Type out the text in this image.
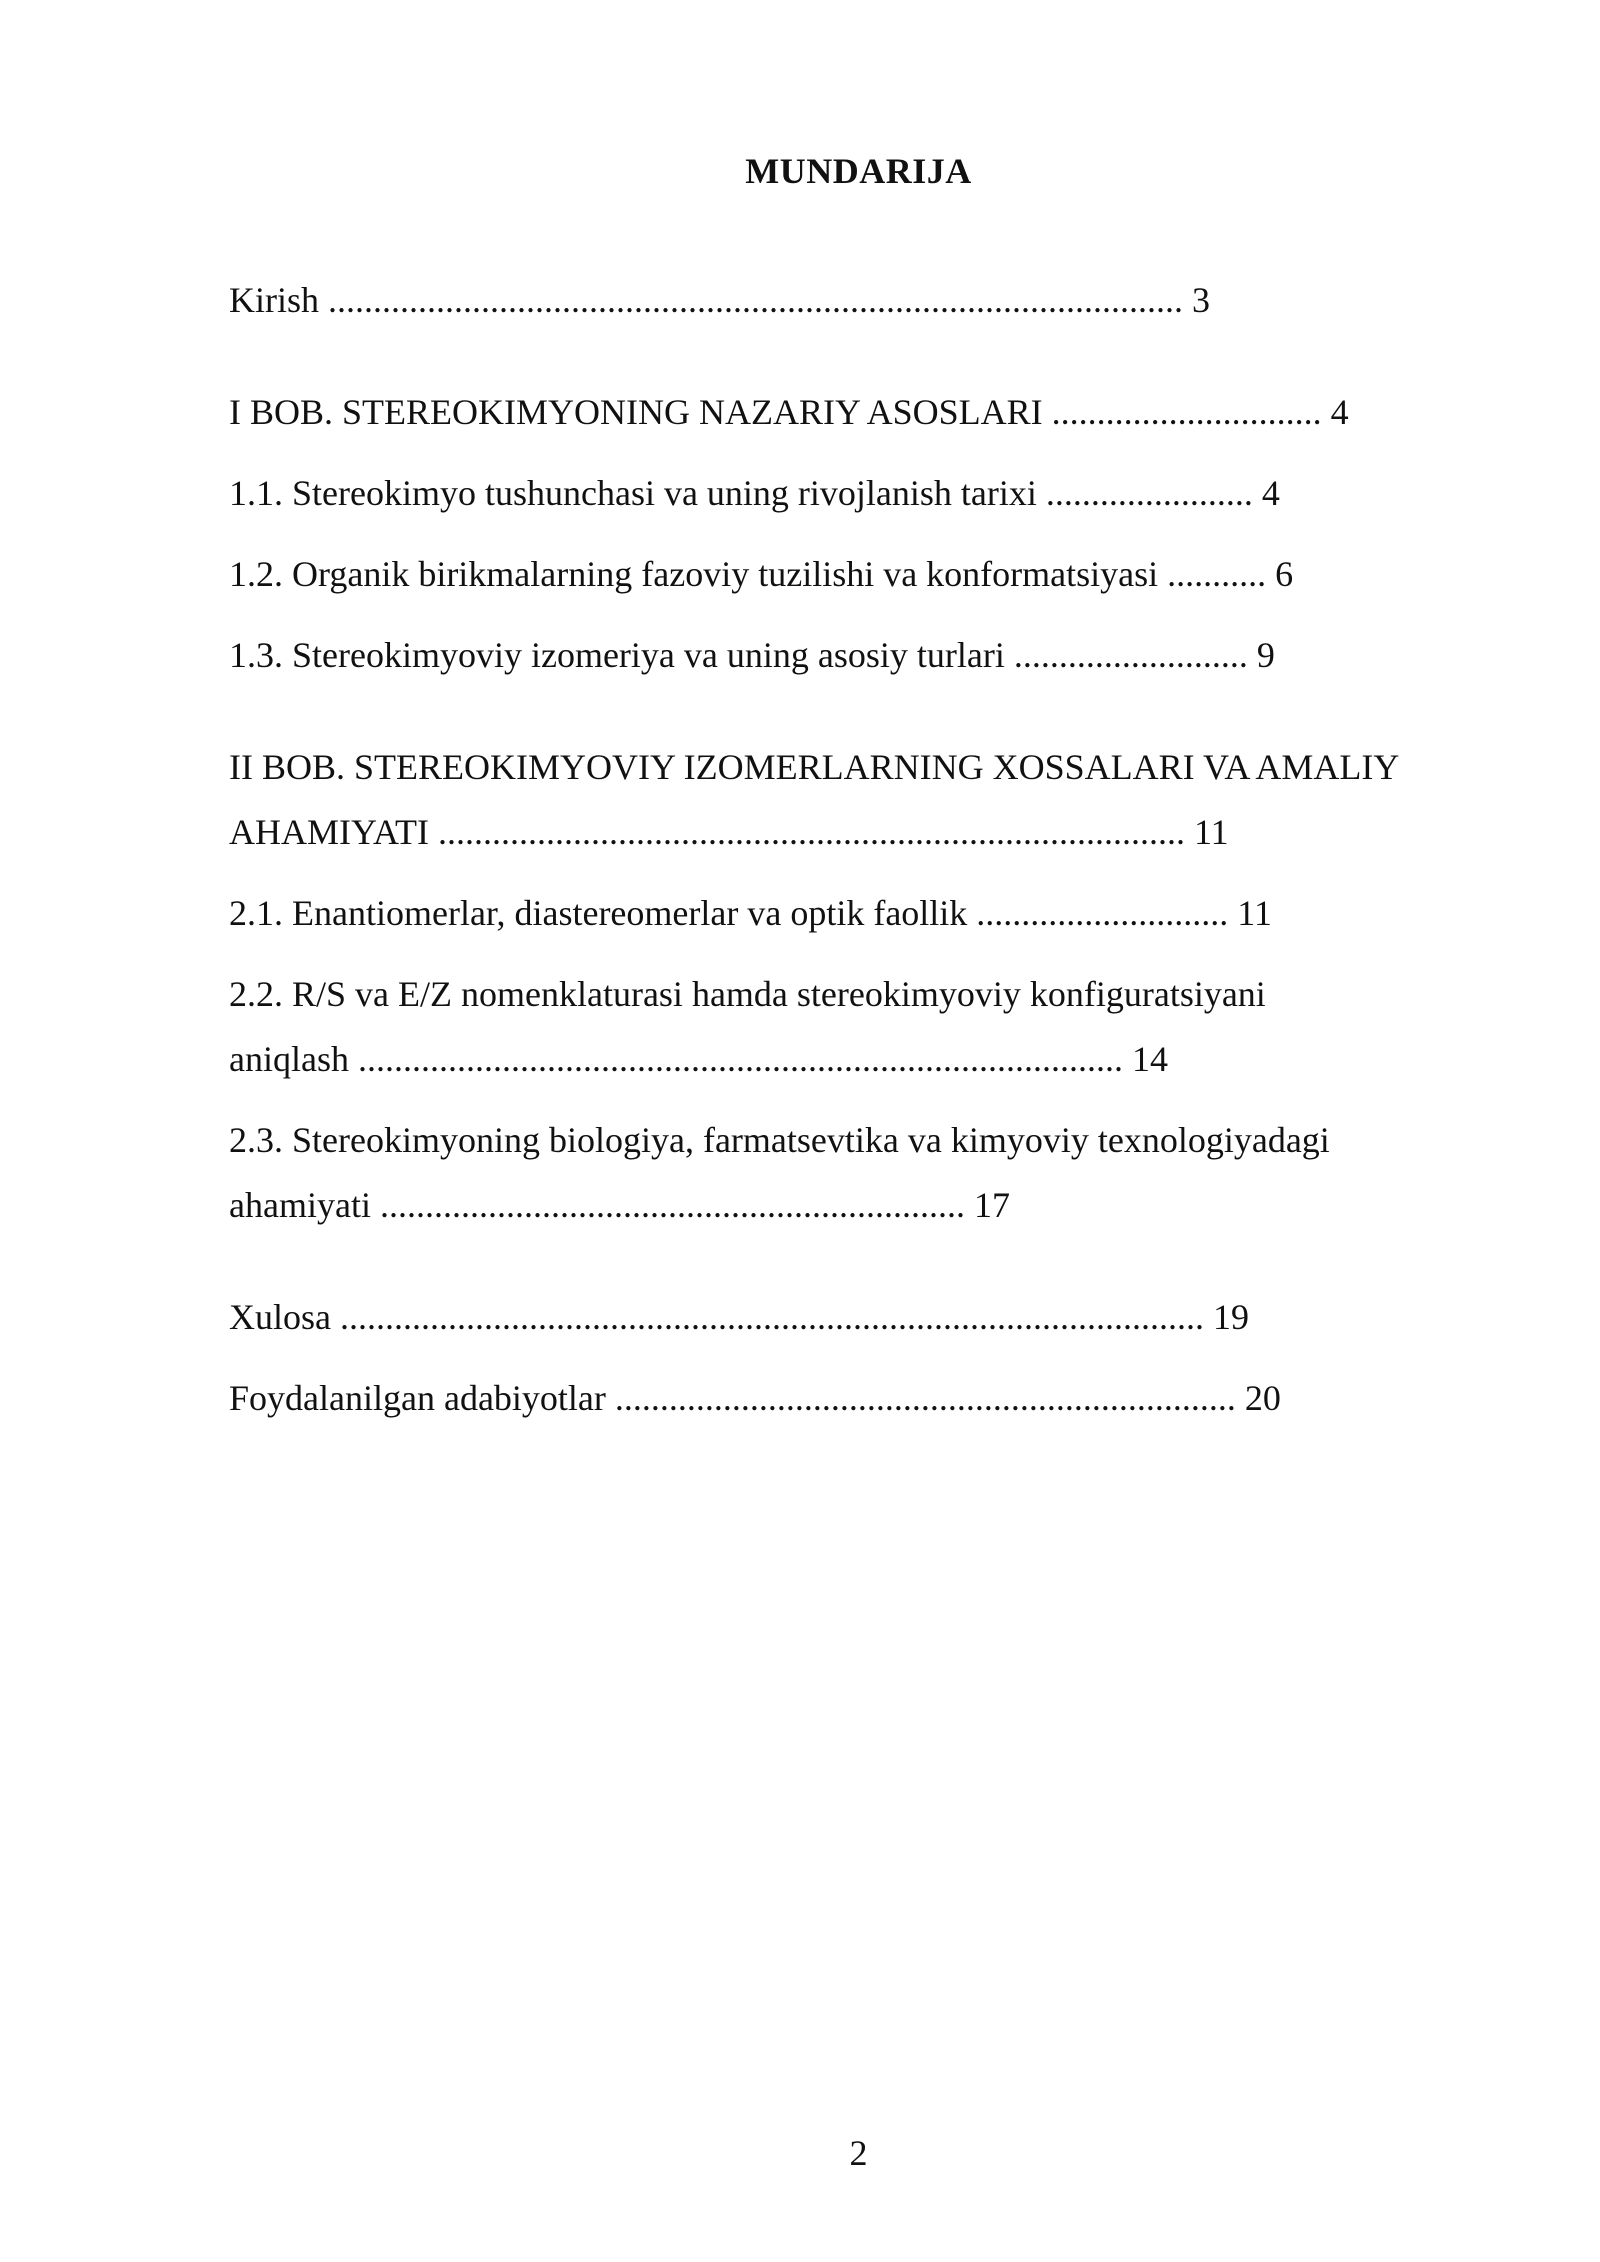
MUNDARIJA
Kirish ............................................................................................... 3
I BOB. STEREOKIMYONING NAZARIY ASOSLARI .............................. 4
1.1. Stereokimyo tushunchasi va uning rivojlanish tarixi ....................... 4
1.2. Organik birikmalarning fazoviy tuzilishi va konformatsiyasi ........... 6
1.3. Stereokimyoviy izomeriya va uning asosiy turlari .......................... 9
II BOB. STEREOKIMYOVIY IZOMERLARNING XOSSALARI VA AMALIY
AHAMIYATI ................................................................................... 11
2.1. Enantiomerlar, diastereomerlar va optik faollik ............................ 11
2.2. R/S va E/Z nomenklaturasi hamda stereokimyoviy konfiguratsiyani
aniqlash ..................................................................................... 14
2.3. Stereokimyoning biologiya, farmatsevtika va kimyoviy texnologiyadagi
ahamiyati ................................................................. 17
Xulosa ................................................................................................ 19
Foydalanilgan adabiyotlar ..................................................................... 20
2
